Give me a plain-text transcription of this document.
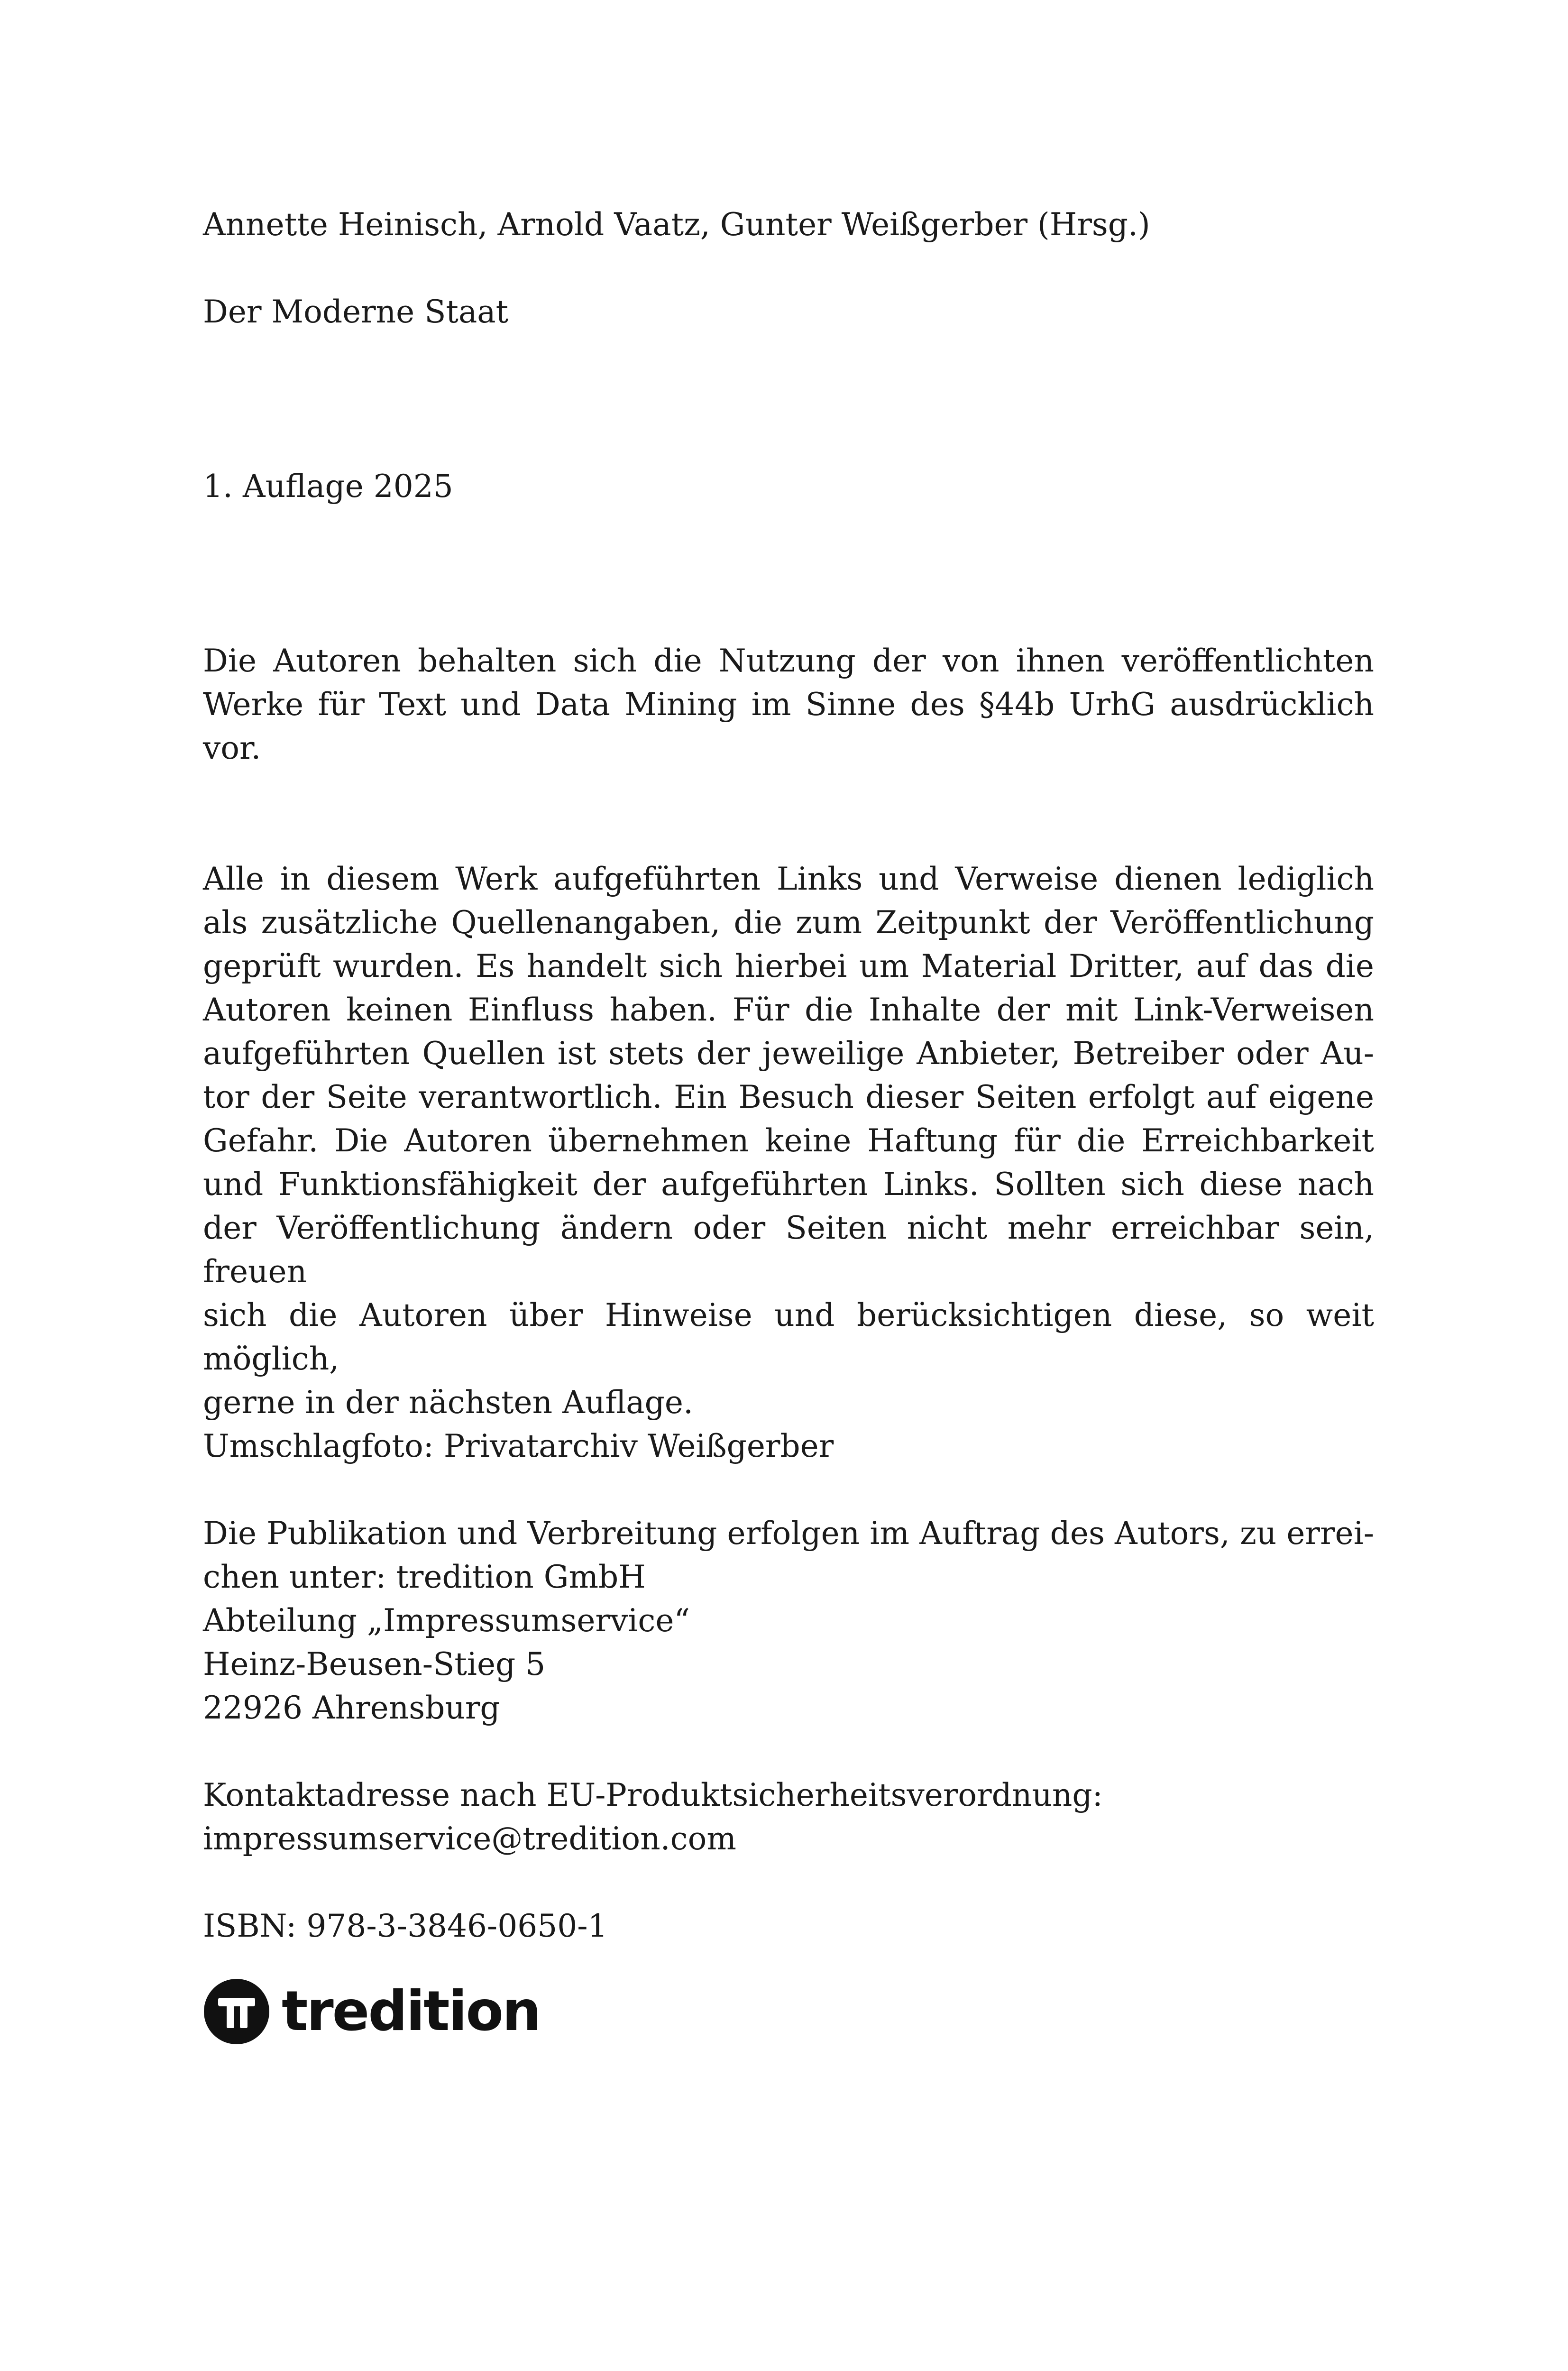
Annette Heinisch, Arnold Vaatz, Gunter Weißgerber (Hrsg.)
Der Moderne Staat
1. Auflage 2025
Die Autoren behalten sich die Nutzung der von ihnen veröffentlichten
Werke für Text und Data Mining im Sinne des §44b UrhG ausdrücklich
vor.
Alle in diesem Werk aufgeführten Links und Verweise dienen lediglich
als zusätzliche Quellenangaben, die zum Zeitpunkt der Veröffentlichung
geprüft wurden. Es handelt sich hierbei um Material Dritter, auf das die
Autoren keinen Einfluss haben. Für die Inhalte der mit Link-Verweisen
aufgeführten Quellen ist stets der jeweilige Anbieter, Betreiber oder Au-
tor der Seite verantwortlich. Ein Besuch dieser Seiten erfolgt auf eigene
Gefahr. Die Autoren übernehmen keine Haftung für die Erreichbarkeit
und Funktionsfähigkeit der aufgeführten Links. Sollten sich diese nach
der Veröffentlichung ändern oder Seiten nicht mehr erreichbar sein, freuen
sich die Autoren über Hinweise und berücksichtigen diese, so weit möglich,
gerne in der nächsten Auflage.
Umschlagfoto: Privatarchiv Weißgerber
Die Publikation und Verbreitung erfolgen im Auftrag des Autors, zu errei-
chen unter: tredition GmbH
Abteilung „Impressumservice“
Heinz-Beusen-Stieg 5
22926 Ahrensburg
Kontaktadresse nach EU-Produktsicherheitsverordnung:
impressumservice@tredition.com
ISBN: 978-3-3846-0650-1
tredition
